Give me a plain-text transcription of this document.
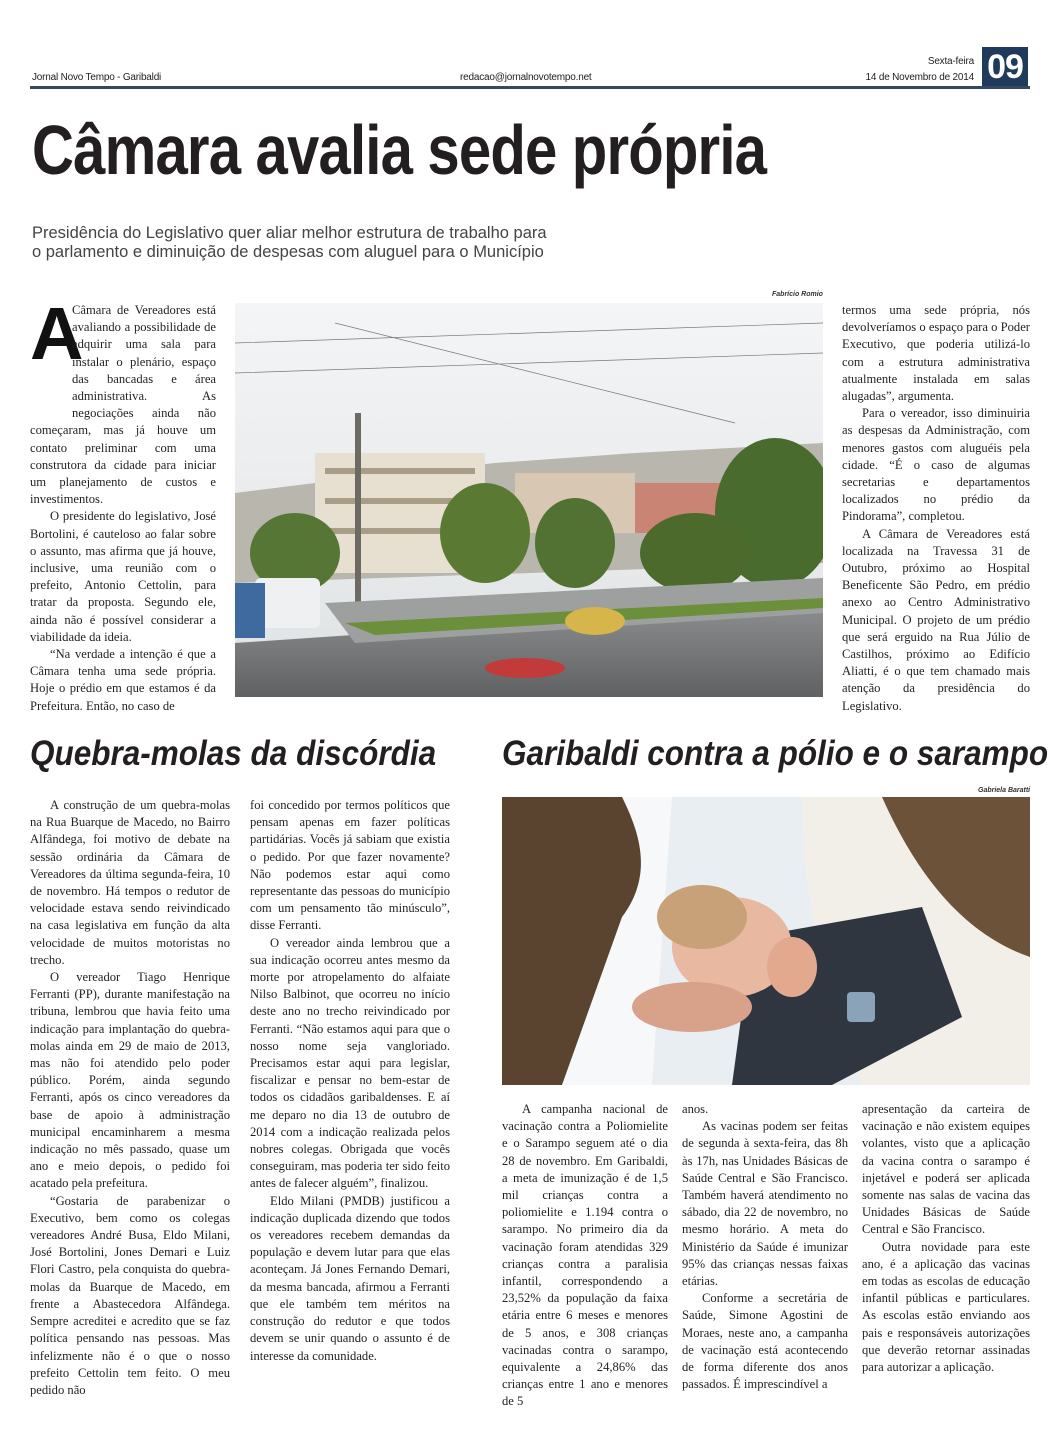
Jornal Novo Tempo - Garibaldi	redacao@jornalnovotempo.net
Sexta-feira
14 de Novembro de 2014 09
Câmara avalia sede própria
Presidência do Legislativo quer aliar melhor estrutura de trabalho para
o parlamento e diminuição de despesas com aluguel para o Município
A

Câmara de Vereadores está avaliando a possibilidade de adquirir uma sala para instalar o plenário, espaço das bancadas e área administrativa. As negociações ainda não começaram, mas já houve um contato preliminar com uma construtora da cidade para iniciar um planejamento de custos e investimentos.

O presidente do legislativo, José Bortolini, é cauteloso ao falar sobre o assunto, mas afirma que já houve, inclusive, uma reunião com o prefeito, Antonio Cettolin, para tratar da proposta. Segundo ele, ainda não é possível considerar a viabilidade da ideia.

“Na verdade a intenção é que a Câmara tenha uma sede própria. Hoje o prédio em que estamos é da Prefeitura. Então, no caso de

Fabrício Romio

termos uma sede própria, nós devolveríamos o espaço para o Poder Executivo, que poderia utilizá-lo com a estrutura administrativa atualmente instalada em salas alugadas”, argumenta.

Para o vereador, isso diminuiria as despesas da Administração, com menores gastos com aluguéis pela cidade. “É o caso de algumas secretarias e departamentos localizados no prédio da Pindorama”, completou.

A Câmara de Vereadores está localizada na Travessa 31 de Outubro, próximo ao Hospital Beneficente São Pedro, em prédio anexo ao Centro Administrativo Municipal. O projeto de um prédio que será erguido na Rua Júlio de Castilhos, próximo ao Edifício Aliatti, é o que tem chamado mais atenção da presidência do Legislativo.

Quebra-molas da discórdia

A construção de um quebra-molas na Rua Buarque de Macedo, no Bairro Alfândega, foi motivo de debate na sessão ordinária da Câmara de Vereadores da última segunda-feira, 10 de novembro. Há tempos o redutor de velocidade estava sendo reivindicado na casa legislativa em função da alta velocidade de muitos motoristas no trecho.

O vereador Tiago Henrique Ferranti (PP), durante manifestação na tribuna, lembrou que havia feito uma indicação para implantação do quebra-molas ainda em 29 de maio de 2013, mas não foi atendido pelo poder público. Porém, ainda segundo Ferranti, após os cinco vereadores da base de apoio à administração municipal encaminharem a mesma indicação no mês passado, quase um ano e meio depois, o pedido foi acatado pela prefeitura.

“Gostaria de parabenizar o Executivo, bem como os colegas vereadores André Busa, Eldo Milani, José Bortolini, Jones Demari e Luiz Flori Castro, pela conquista do quebra-molas da Buarque de Macedo, em frente a Abastecedora Alfândega. Sempre acreditei e acredito que se faz política pensando nas pessoas. Mas infelizmente não é o que o nosso prefeito Cettolin tem feito. O meu pedido não

foi concedido por termos políticos que pensam apenas em fazer políticas partidárias. Vocês já sabiam que existia o pedido. Por que fazer novamente? Não podemos estar aqui como representante das pessoas do município com um pensamento tão minúsculo”, disse Ferranti.

O vereador ainda lembrou que a sua indicação ocorreu antes mesmo da morte por atropelamento do alfaiate Nilso Balbinot, que ocorreu no início deste ano no trecho reivindicado por Ferranti. “Não estamos aqui para que o nosso nome seja vangloriado. Precisamos estar aqui para legislar, fiscalizar e pensar no bem-estar de todos os cidadãos garibaldenses. E aí me deparo no dia 13 de outubro de 2014 com a indicação realizada pelos nobres colegas. Obrigada que vocês conseguiram, mas poderia ter sido feito antes de falecer alguém”, finalizou.

Eldo Milani (PMDB) justificou a indicação duplicada dizendo que todos os vereadores recebem demandas da população e devem lutar para que elas aconteçam. Já Jones Fernando Demari, da mesma bancada, afirmou a Ferranti que ele também tem méritos na construção do redutor e que todos devem se unir quando o assunto é de interesse da comunidade.

Garibaldi contra a pólio e o sarampo
Gabriela Baratti

A campanha nacional de vacinação contra a Poliomielite e o Sarampo seguem até o dia 28 de novembro. Em Garibaldi, a meta de imunização é de 1,5 mil crianças contra a poliomielite e 1.194 contra o sarampo. No primeiro dia da vacinação foram atendidas 329 crianças contra a paralisia infantil, correspondendo a 23,52% da população da faixa etária entre 6 meses e menores de 5 anos, e 308 crianças vacinadas contra o sarampo, equivalente a 24,86% das crianças entre 1 ano e menores de 5

anos.

As vacinas podem ser feitas de segunda à sexta-feira, das 8h às 17h, nas Unidades Básicas de Saúde Central e São Francisco. Também haverá atendimento no sábado, dia 22 de novembro, no mesmo horário. A meta do Ministério da Saúde é imunizar 95% das crianças nessas faixas etárias.

Conforme a secretária de Saúde, Simone Agostini de Moraes, neste ano, a campanha de vacinação está acontecendo de forma diferente dos anos passados. É imprescindível a

apresentação da carteira de vacinação e não existem equipes volantes, visto que a aplicação da vacina contra o sarampo é injetável e poderá ser aplicada somente nas salas de vacina das Unidades Básicas de Saúde Central e São Francisco.

Outra novidade para este ano, é a aplicação das vacinas em todas as escolas de educação infantil públicas e particulares. As escolas estão enviando aos pais e responsáveis autorizações que deverão retornar assinadas para autorizar a aplicação.
